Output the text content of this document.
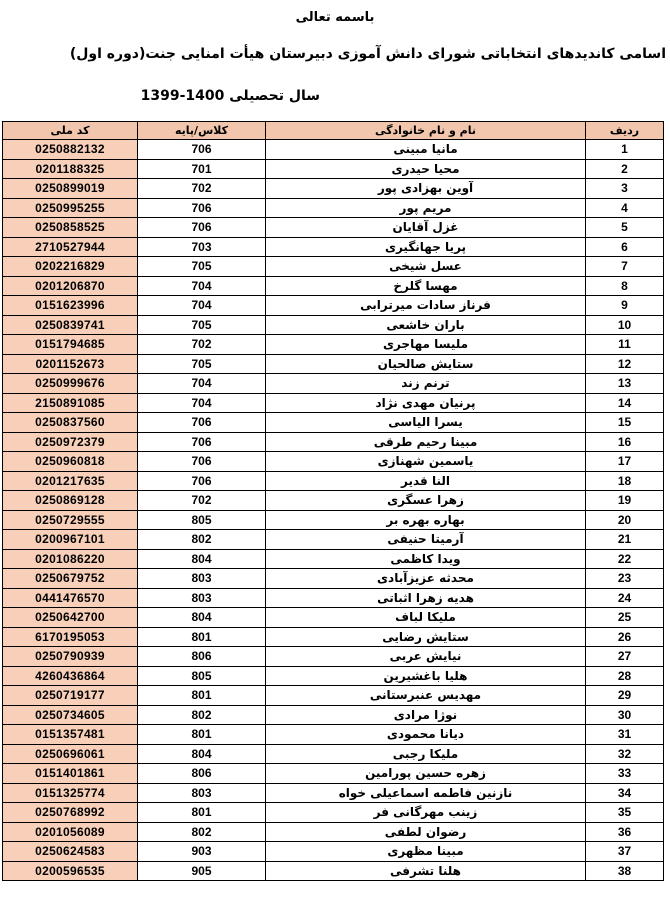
باسمه تعالی
اسامی کاندیدهای انتخاباتی شورای دانش آموزی دبیرستان هیأت امنایی جنت(دوره اول)
سال تحصیلی 1400-1399
ردیف	نام و نام خانوادگی	کلاس/پایه	کد ملی
1	مانیا مبینی	706	0250882132
2	محیا حیدری	701	0201188325
3	آوین بهزادی پور	702	0250899019
4	مریم پور	706	0250995255
5	غزل آقایان	706	0250858525
6	پریا جهانگیری	703	2710527944
7	عسل شیخی	705	0202216829
8	مهسا گلرخ	704	0201206870
9	فرناز سادات میرترابی	704	0151623996
10	باران خاشعی	705	0250839741
11	ملیسا مهاجری	702	0151794685
12	ستایش صالحیان	705	0201152673
13	ترنم زند	704	0250999676
14	پرنیان مهدی نژاد	704	2150891085
15	یسرا الیاسی	706	0250837560
16	مبینا رحیم طرقی	706	0250972379
17	یاسمین شهنازی	706	0250960818
18	النا قدیر	706	0201217635
19	زهرا عسگری	702	0250869128
20	بهاره بهره بر	805	0250729555
21	آرمیتا حنیفی	802	0200967101
22	ویدا کاظمی	804	0201086220
23	محدثه عزیزآبادی	803	0250679752
24	هدیه زهرا اثباتی	803	0441476570
25	ملیکا لباف	804	0250642700
26	ستایش رضایی	801	6170195053
27	نیایش عربی	806	0250790939
28	هلیا باغشیرین	805	4260436864
29	مهدیس عنبرستانی	801	0250719177
30	نوژا مرادی	802	0250734605
31	دیانا محمودی	801	0151357481
32	ملیکا رجبی	804	0250696061
33	زهره حسین پورامین	806	0151401861
34	نازنین فاطمه اسماعیلی خواه	803	0151325774
35	زینب مهرگانی فر	801	0250768992
36	رضوان لطفی	802	0201056089
37	مبینا مظهری	903	0250624583
38	هلنا تشرفی	905	0200596535
